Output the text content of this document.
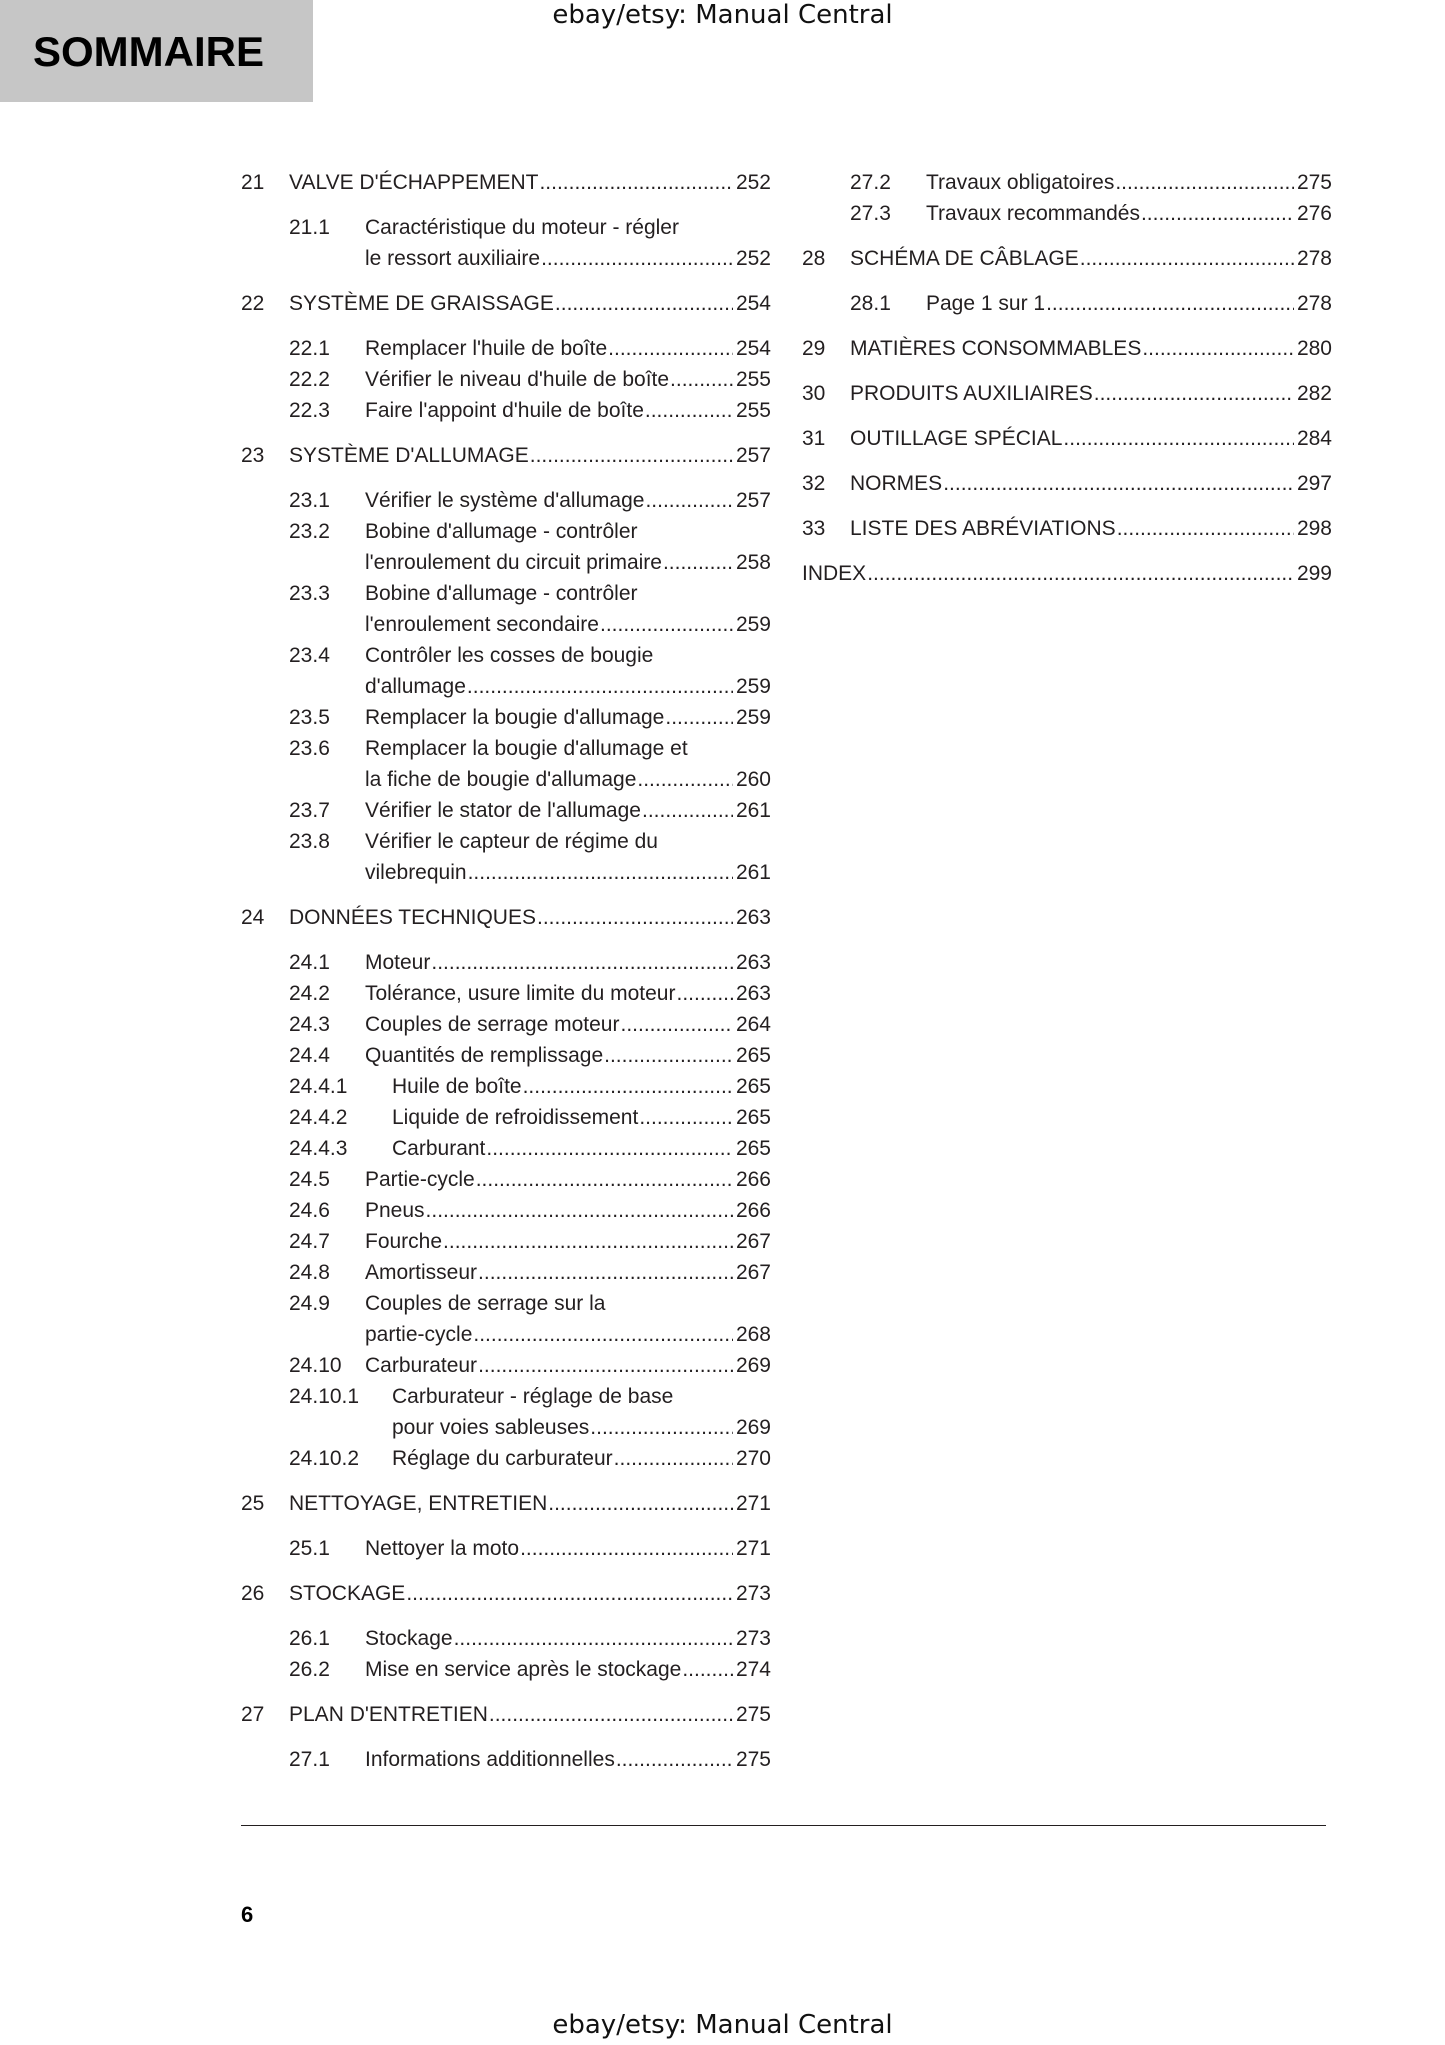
ebay/etsy: Manual Central
SOMMAIRE
21 VALVE D'ÉCHAPPEMENT .....	252
21.1 Caractéristique du moteur - régler
le ressort auxiliaire .....	252
22 SYSTÈME DE GRAISSAGE .....	254
22.1 Remplacer l'huile de boîte .....	254
22.2 Vérifier le niveau d'huile de boîte .....	255
22.3 Faire l'appoint d'huile de boîte .....	255
23 SYSTÈME D'ALLUMAGE .....	257
23.1 Vérifier le système d'allumage .....	257
23.2 Bobine d'allumage - contrôler
l'enroulement du circuit primaire .....	258
23.3 Bobine d'allumage - contrôler
l'enroulement secondaire .....	259
23.4 Contrôler les cosses de bougie
d'allumage .....	259
23.5 Remplacer la bougie d'allumage .....	259
23.6 Remplacer la bougie d'allumage et
la fiche de bougie d'allumage .....	260
23.7 Vérifier le stator de l'allumage .....	261
23.8 Vérifier le capteur de régime du
vilebrequin .....	261
24 DONNÉES TECHNIQUES .....	263
24.1 Moteur .....	263
24.2 Tolérance, usure limite du moteur .....	263
24.3 Couples de serrage moteur .....	264
24.4 Quantités de remplissage .....	265
24.4.1 Huile de boîte .....	265
24.4.2 Liquide de refroidissement .....	265
24.4.3 Carburant .....	265
24.5 Partie-cycle .....	266
24.6 Pneus .....	266
24.7 Fourche .....	267
24.8 Amortisseur .....	267
24.9 Couples de serrage sur la
partie-cycle .....	268
24.10 Carburateur .....	269
24.10.1 Carburateur - réglage de base
pour voies sableuses .....	269
24.10.2 Réglage du carburateur .....	270
25 NETTOYAGE, ENTRETIEN .....	271
25.1 Nettoyer la moto .....	271
26 STOCKAGE .....	273
26.1 Stockage .....	273
26.2 Mise en service après le stockage .....	274
27 PLAN D'ENTRETIEN .....	275
27.1 Informations additionnelles .....	275
27.2 Travaux obligatoires .....	275
27.3 Travaux recommandés .....	276
28 SCHÉMA DE CÂBLAGE .....	278
28.1 Page 1 sur 1 .....	278
29 MATIÈRES CONSOMMABLES .....	280
30 PRODUITS AUXILIAIRES .....	282
31 OUTILLAGE SPÉCIAL .....	284
32 NORMES .....	297
33 LISTE DES ABRÉVIATIONS .....	298
INDEX .....	299
6
ebay/etsy: Manual Central
